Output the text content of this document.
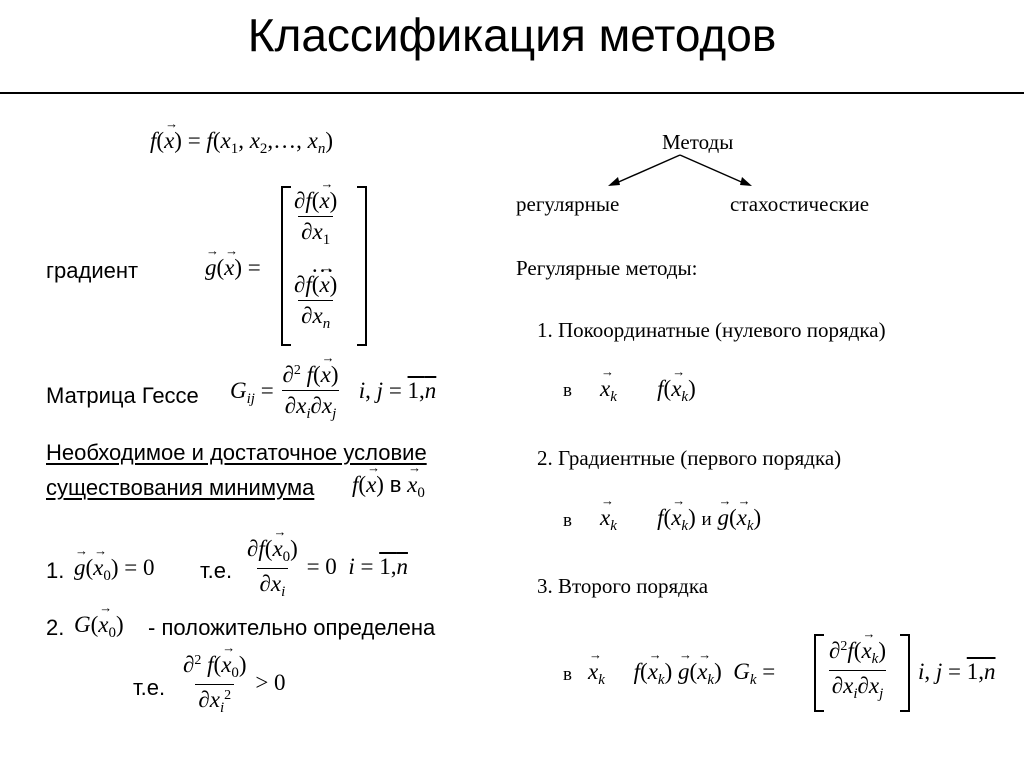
Классификация методов
f(x →) = $f(x_1$, $x_2,\dots$, $x_n$)
градиент	g →(x →) =
$\frac{\partial f(x \to)}{\partial x_1}$
…
$\frac{\partial f(x \to)}{\partial x_n}$
Матрица Гессе $G_{ij} = \frac{\partial^2 f(x \to)}{\partial x_i\partial x_j} i$, j = 1,n
Необходимое и достаточное условие
существования минимума f(x →) в $x \to_0$
1. $g \to(x \to_0) = 0$ т.е. $\frac{\partial f(x \to_0)}{\partial x_i} = 0$  i = 1,n
2. $G(x \to_0)$ - положительно определена
т.е. $\frac{\partial^2 f(x \to_0)}{\partial x_i^2} > 0$
Методы
регулярные	стахостические
Регулярные методы:
1. Покоординатные (нулевого порядка)
в $x \to_k$ $f(x \to_k)$
2. Градиентные (первого порядка)
в $x \to_k$ $f(x \to_k)$ и $g \to(x \to_k)$
3. Второго порядка
в $x \to_k$ $f(x \to_k)$ $g \to(x \to_k)$  $G_k = \frac{\partial^2f(x \to_k)}{\partial x_i\partial x_j} i$, j = 1,n
